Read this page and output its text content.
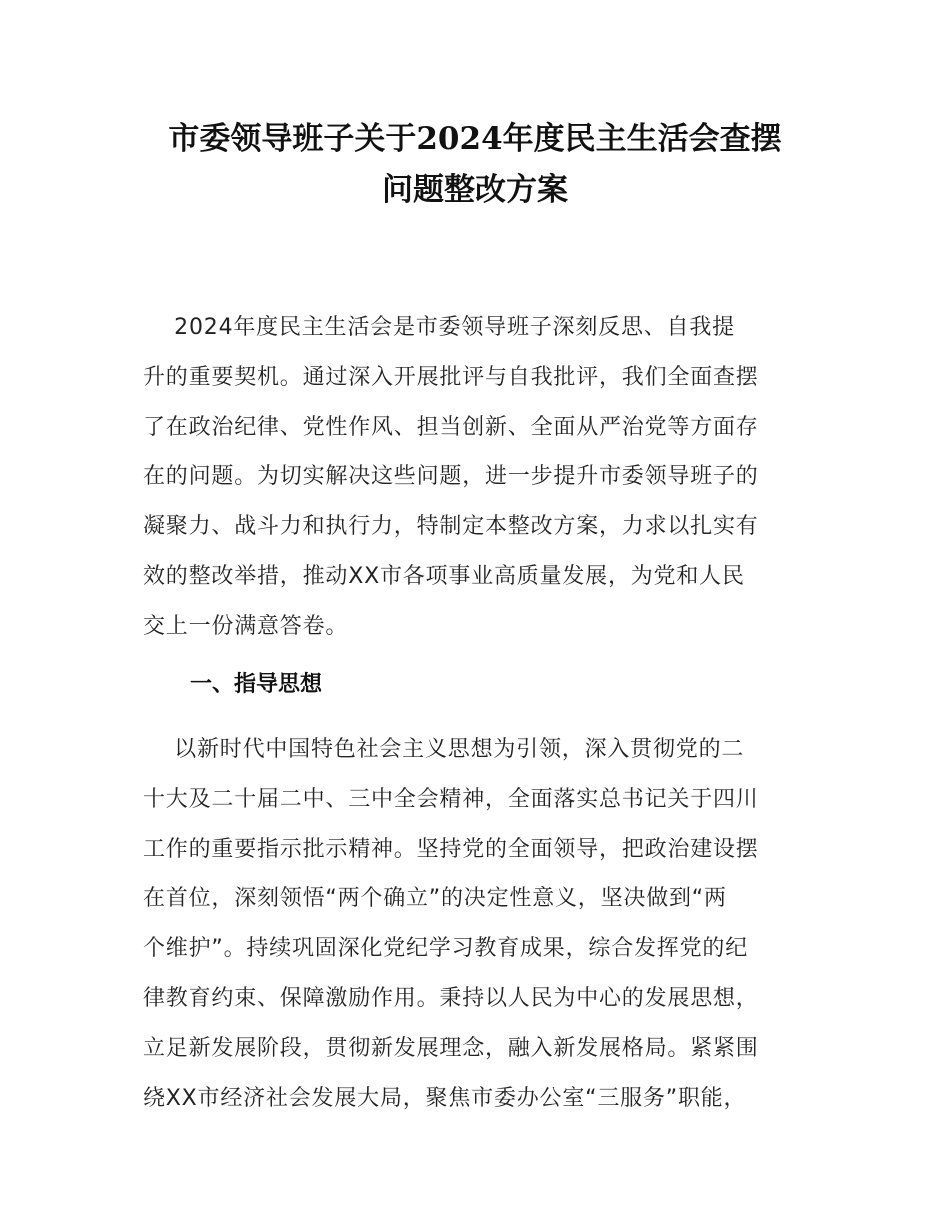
市委领导班子关于2024年度民主生活会查摆
问题整改方案
2024年度民主生活会是市委领导班子深刻反思、自我提
升的重要契机。通过深入开展批评与自我批评，我们全面查摆
了在政治纪律、党性作风、担当创新、全面从严治党等方面存
在的问题。为切实解决这些问题，进一步提升市委领导班子的
凝聚力、战斗力和执行力，特制定本整改方案，力求以扎实有
效的整改举措，推动XX市各项事业高质量发展，为党和人民
交上一份满意答卷。
一、指导思想
以新时代中国特色社会主义思想为引领，深入贯彻党的二
十大及二十届二中、三中全会精神，全面落实总书记关于四川
工作的重要指示批示精神。坚持党的全面领导，把政治建设摆
在首位，深刻领悟“两个确立”的决定性意义，坚决做到“两
个维护”。持续巩固深化党纪学习教育成果，综合发挥党的纪
律教育约束、保障激励作用。秉持以人民为中心的发展思想，
立足新发展阶段，贯彻新发展理念，融入新发展格局。紧紧围
绕XX市经济社会发展大局，聚焦市委办公室“三服务”职能，
